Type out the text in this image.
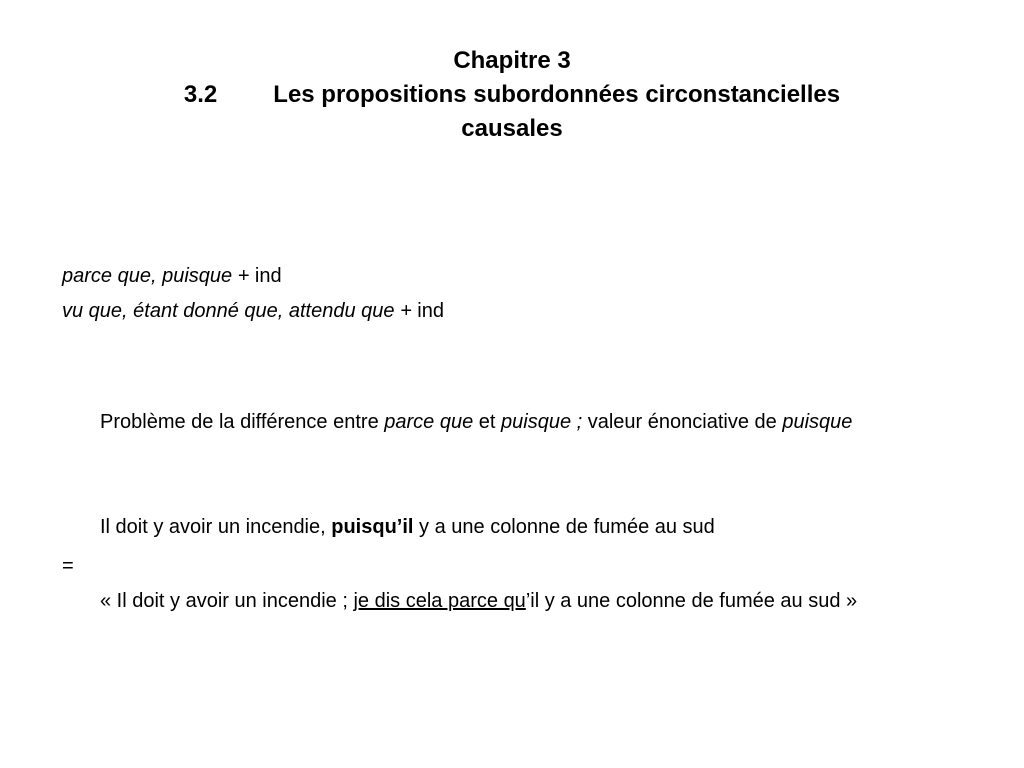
Chapitre 3
3.2 Les propositions subordonnées circonstancielles
causales
parce que, puisque + ind
vu que, étant donné que, attendu que + ind
Problème de la différence entre parce que et puisque ; valeur énonciative de puisque
Il doit y avoir un incendie, puisqu’il y a une colonne de fumée au sud
=
« Il doit y avoir un incendie ; je dis cela parce qu’il y a une colonne de fumée au sud »
